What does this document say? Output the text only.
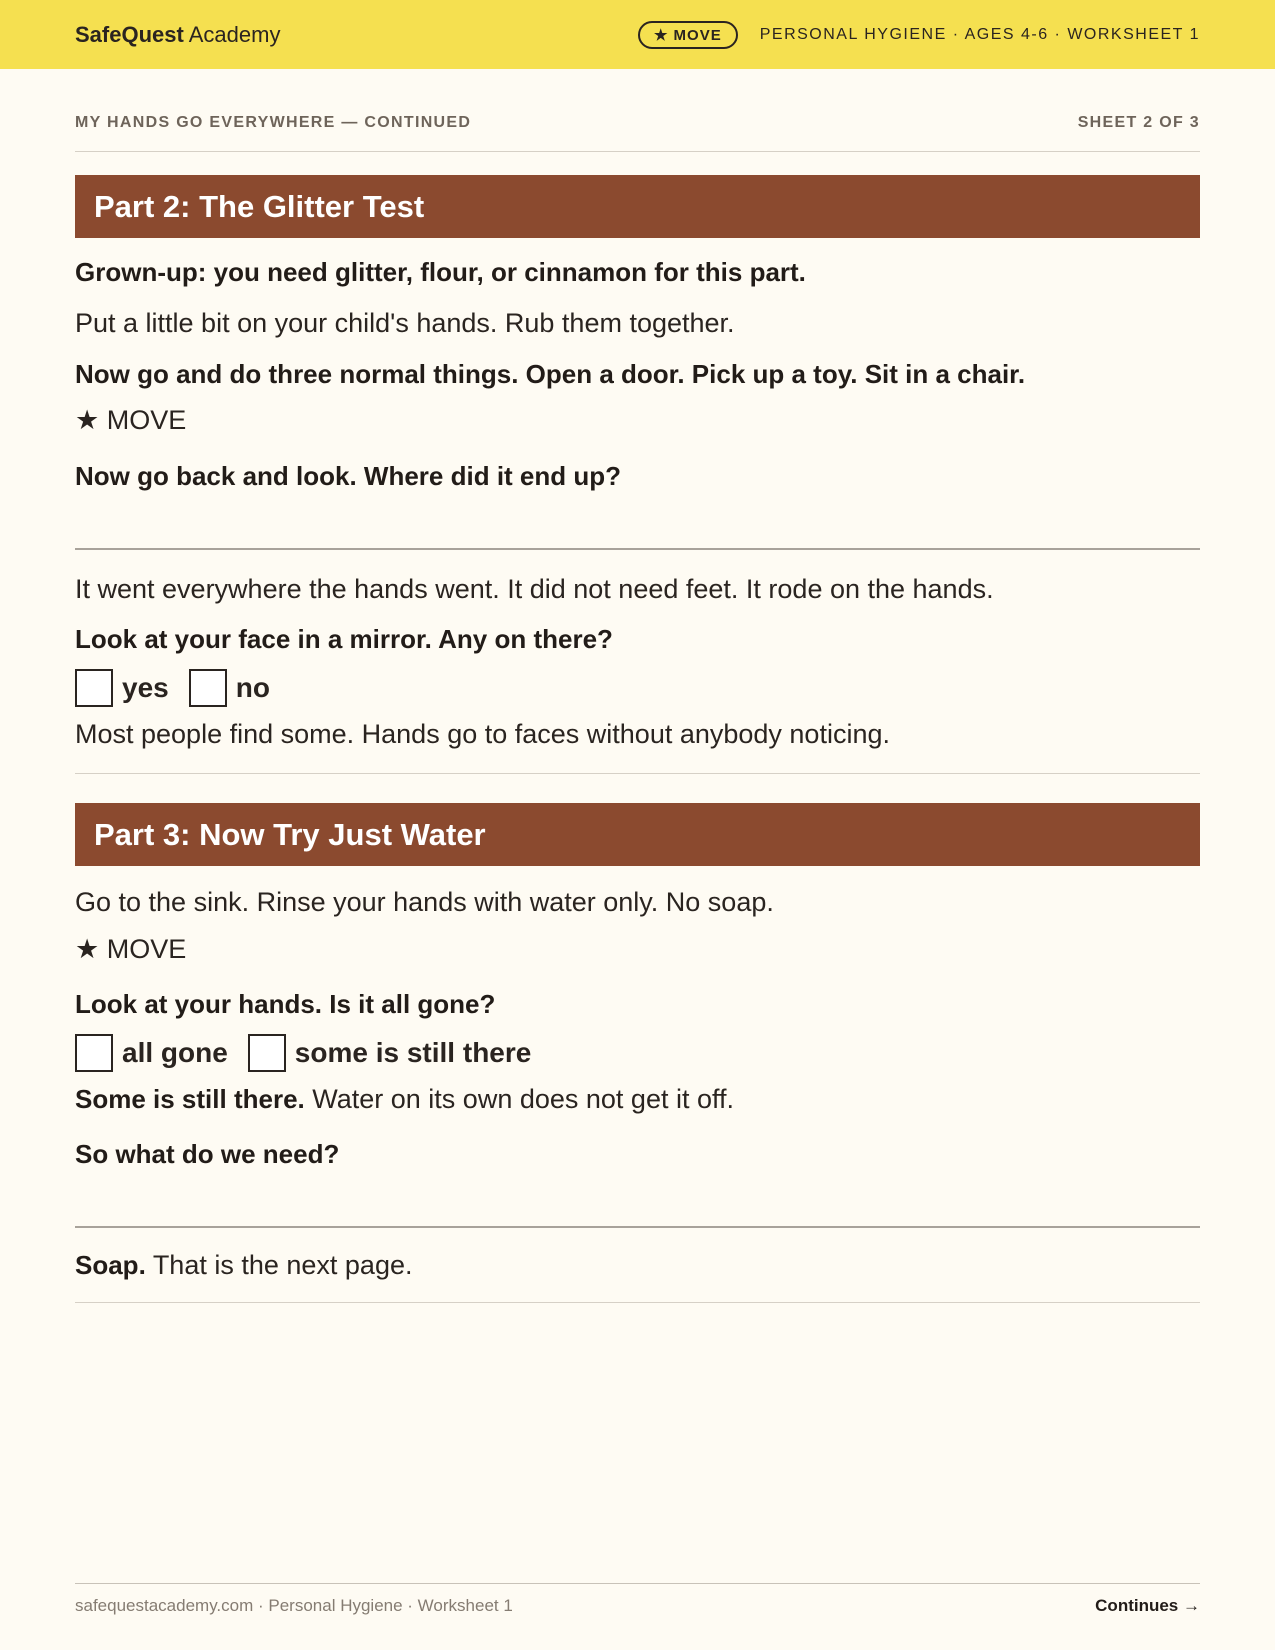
SafeQuest Academy	★ MOVE	PERSONAL HYGIENE · AGES 4-6 · WORKSHEET 1
MY HANDS GO EVERYWHERE — CONTINUED	SHEET 2 OF 3
Part 2: The Glitter Test
Grown-up: you need glitter, flour, or cinnamon for this part.
Put a little bit on your child's hands. Rub them together.
Now go and do three normal things. Open a door. Pick up a toy. Sit in a chair.
★ MOVE
Now go back and look. Where did it end up?
It went everywhere the hands went. It did not need feet. It rode on the hands.
Look at your face in a mirror. Any on there?
yes no
Most people find some. Hands go to faces without anybody noticing.
Part 3: Now Try Just Water
Go to the sink. Rinse your hands with water only. No soap.
★ MOVE
Look at your hands. Is it all gone?
all gone some is still there
Some is still there. Water on its own does not get it off.
So what do we need?
Soap. That is the next page.
safequestacademy.com · Personal Hygiene · Worksheet 1	Continues →
